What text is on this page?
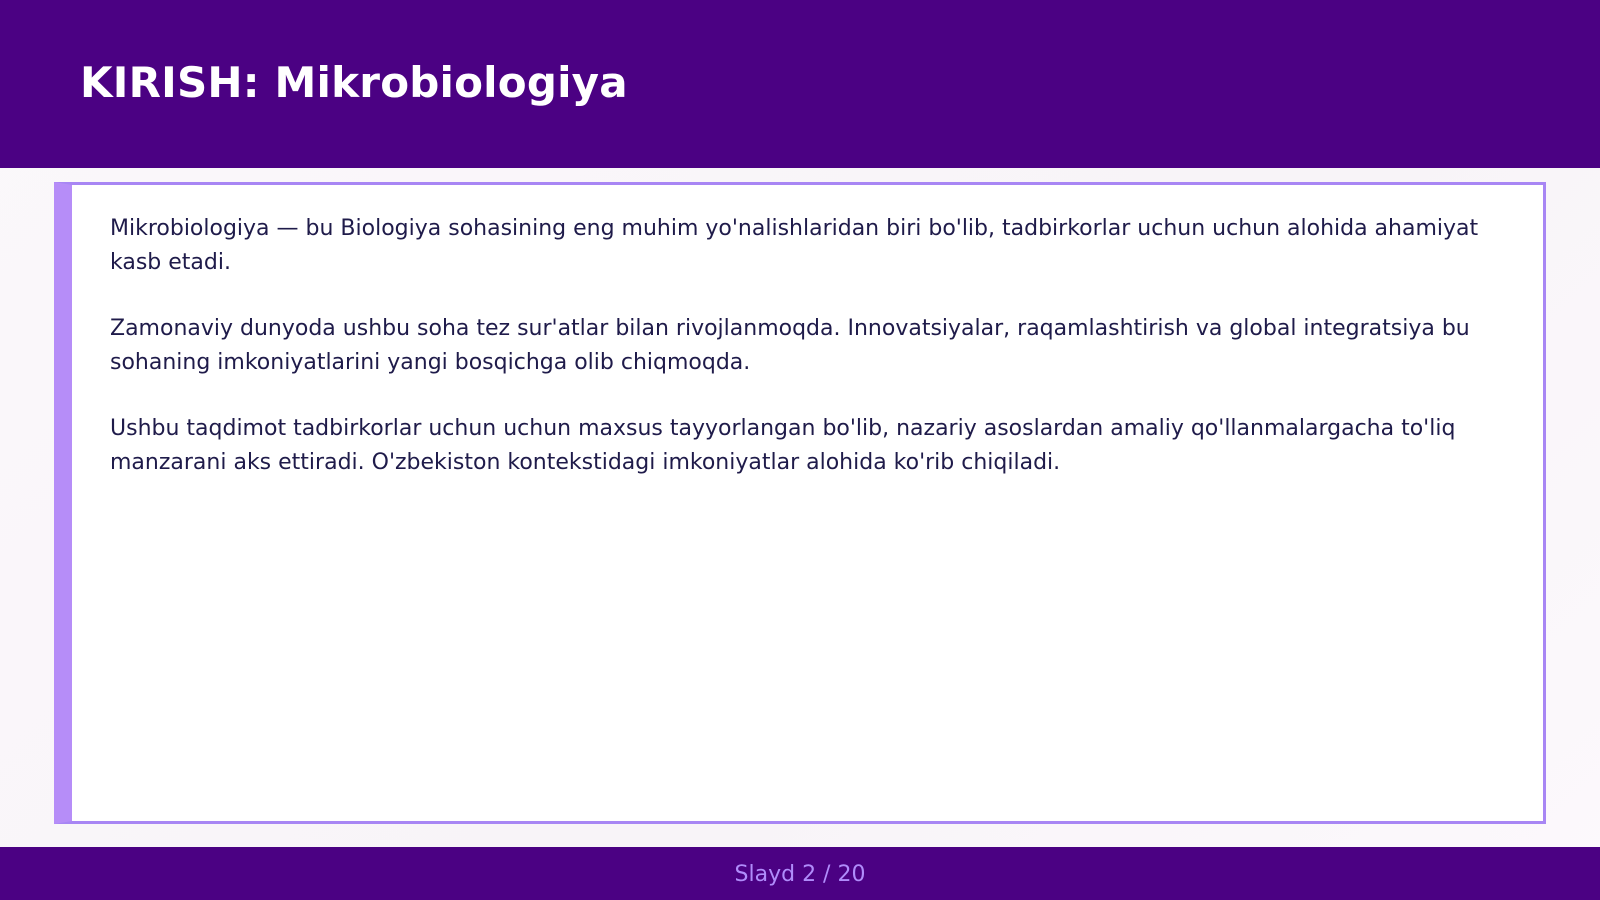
KIRISH: Mikrobiologiya

Mikrobiologiya — bu Biologiya sohasining eng muhim yo'nalishlaridan biri bo'lib, tadbirkorlar uchun uchun alohida ahamiyat kasb etadi.

Zamonaviy dunyoda ushbu soha tez sur'atlar bilan rivojlanmoqda. Innovatsiyalar, raqamlashtirish va global integratsiya bu sohaning imkoniyatlarini yangi bosqichga olib chiqmoqda.

Ushbu taqdimot tadbirkorlar uchun uchun maxsus tayyorlangan bo'lib, nazariy asoslardan amaliy qo'llanmalargacha to'liq manzarani aks ettiradi. O'zbekiston kontekstidagi imkoniyatlar alohida ko'rib chiqiladi.

Slayd 2 / 20
